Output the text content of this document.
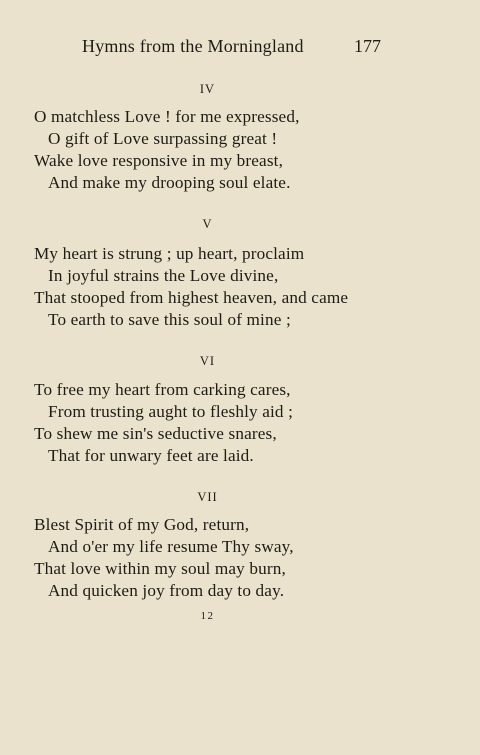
Hymns from the Morningland	177
IV
O matchless Love ! for me expressed,
O gift of Love surpassing great !
Wake love responsive in my breast,
And make my drooping soul elate.
V
My heart is strung ; up heart, proclaim
In joyful strains the Love divine,
That stooped from highest heaven, and came
To earth to save this soul of mine ;
VI
To free my heart from carking cares,
From trusting aught to fleshly aid ;
To shew me sin's seductive snares,
That for unwary feet are laid.
VII
Blest Spirit of my God, return,
And o'er my life resume Thy sway,
That love within my soul may burn,
And quicken joy from day to day.
12
